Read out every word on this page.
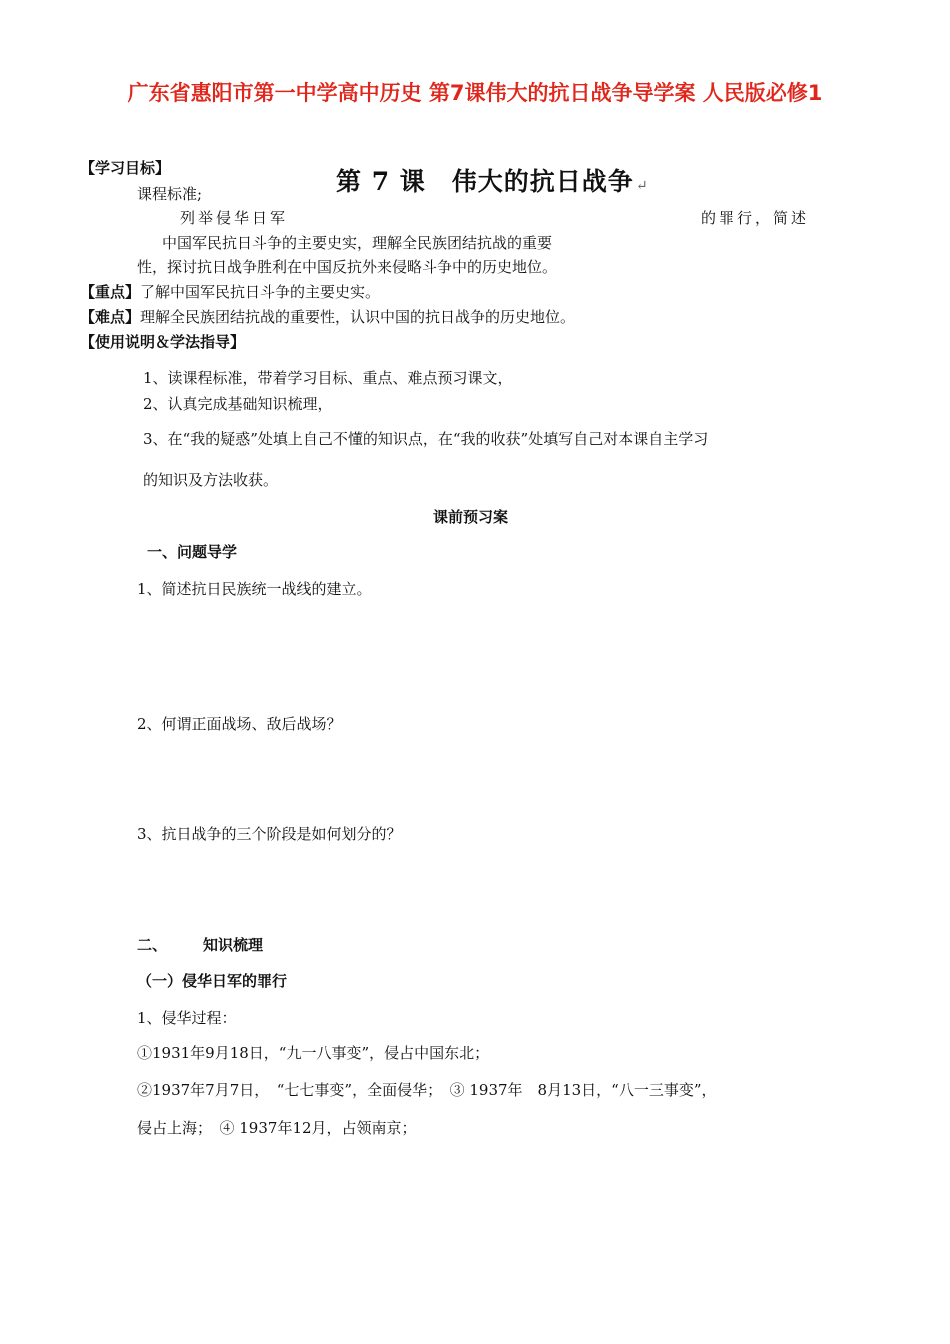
广东省惠阳市第一中学高中历史 第7课伟大的抗日战争导学案 人民版必修1
第 7 课　伟大的抗日战争 ↵
【学习目标】
课程标准;
列举侵华日军	的罪行，简述
中国军民抗日斗争的主要史实，理解全民族团结抗战的重要
性，探讨抗日战争胜利在中国反抗外来侵略斗争中的历史地位。
【重点】了解中国军民抗日斗争的主要史实。
【难点】理解全民族团结抗战的重要性，认识中国的抗日战争的历史地位。
【使用说明＆学法指导】
1、读课程标准，带着学习目标、重点、难点预习课文，
2、认真完成基础知识梳理，
3、在“我的疑惑”处填上自己不懂的知识点，在“我的收获”处填写自己对本课自主学习
的知识及方法收获。
课前预习案
一、问题导学
1、简述抗日民族统一战线的建立。
2、何谓正面战场、敌后战场？
3、抗日战争的三个阶段是如何划分的？
二、 知识梳理
（一）侵华日军的罪行
1、侵华过程：
①1931年9月18日，“九一八事变”，侵占中国东北；
②1937年7月7日，　“七七事变”，全面侵华；　③ 1937年　8月13日，“八一三事变”，
侵占上海；　④ 1937年12月，占领南京；
